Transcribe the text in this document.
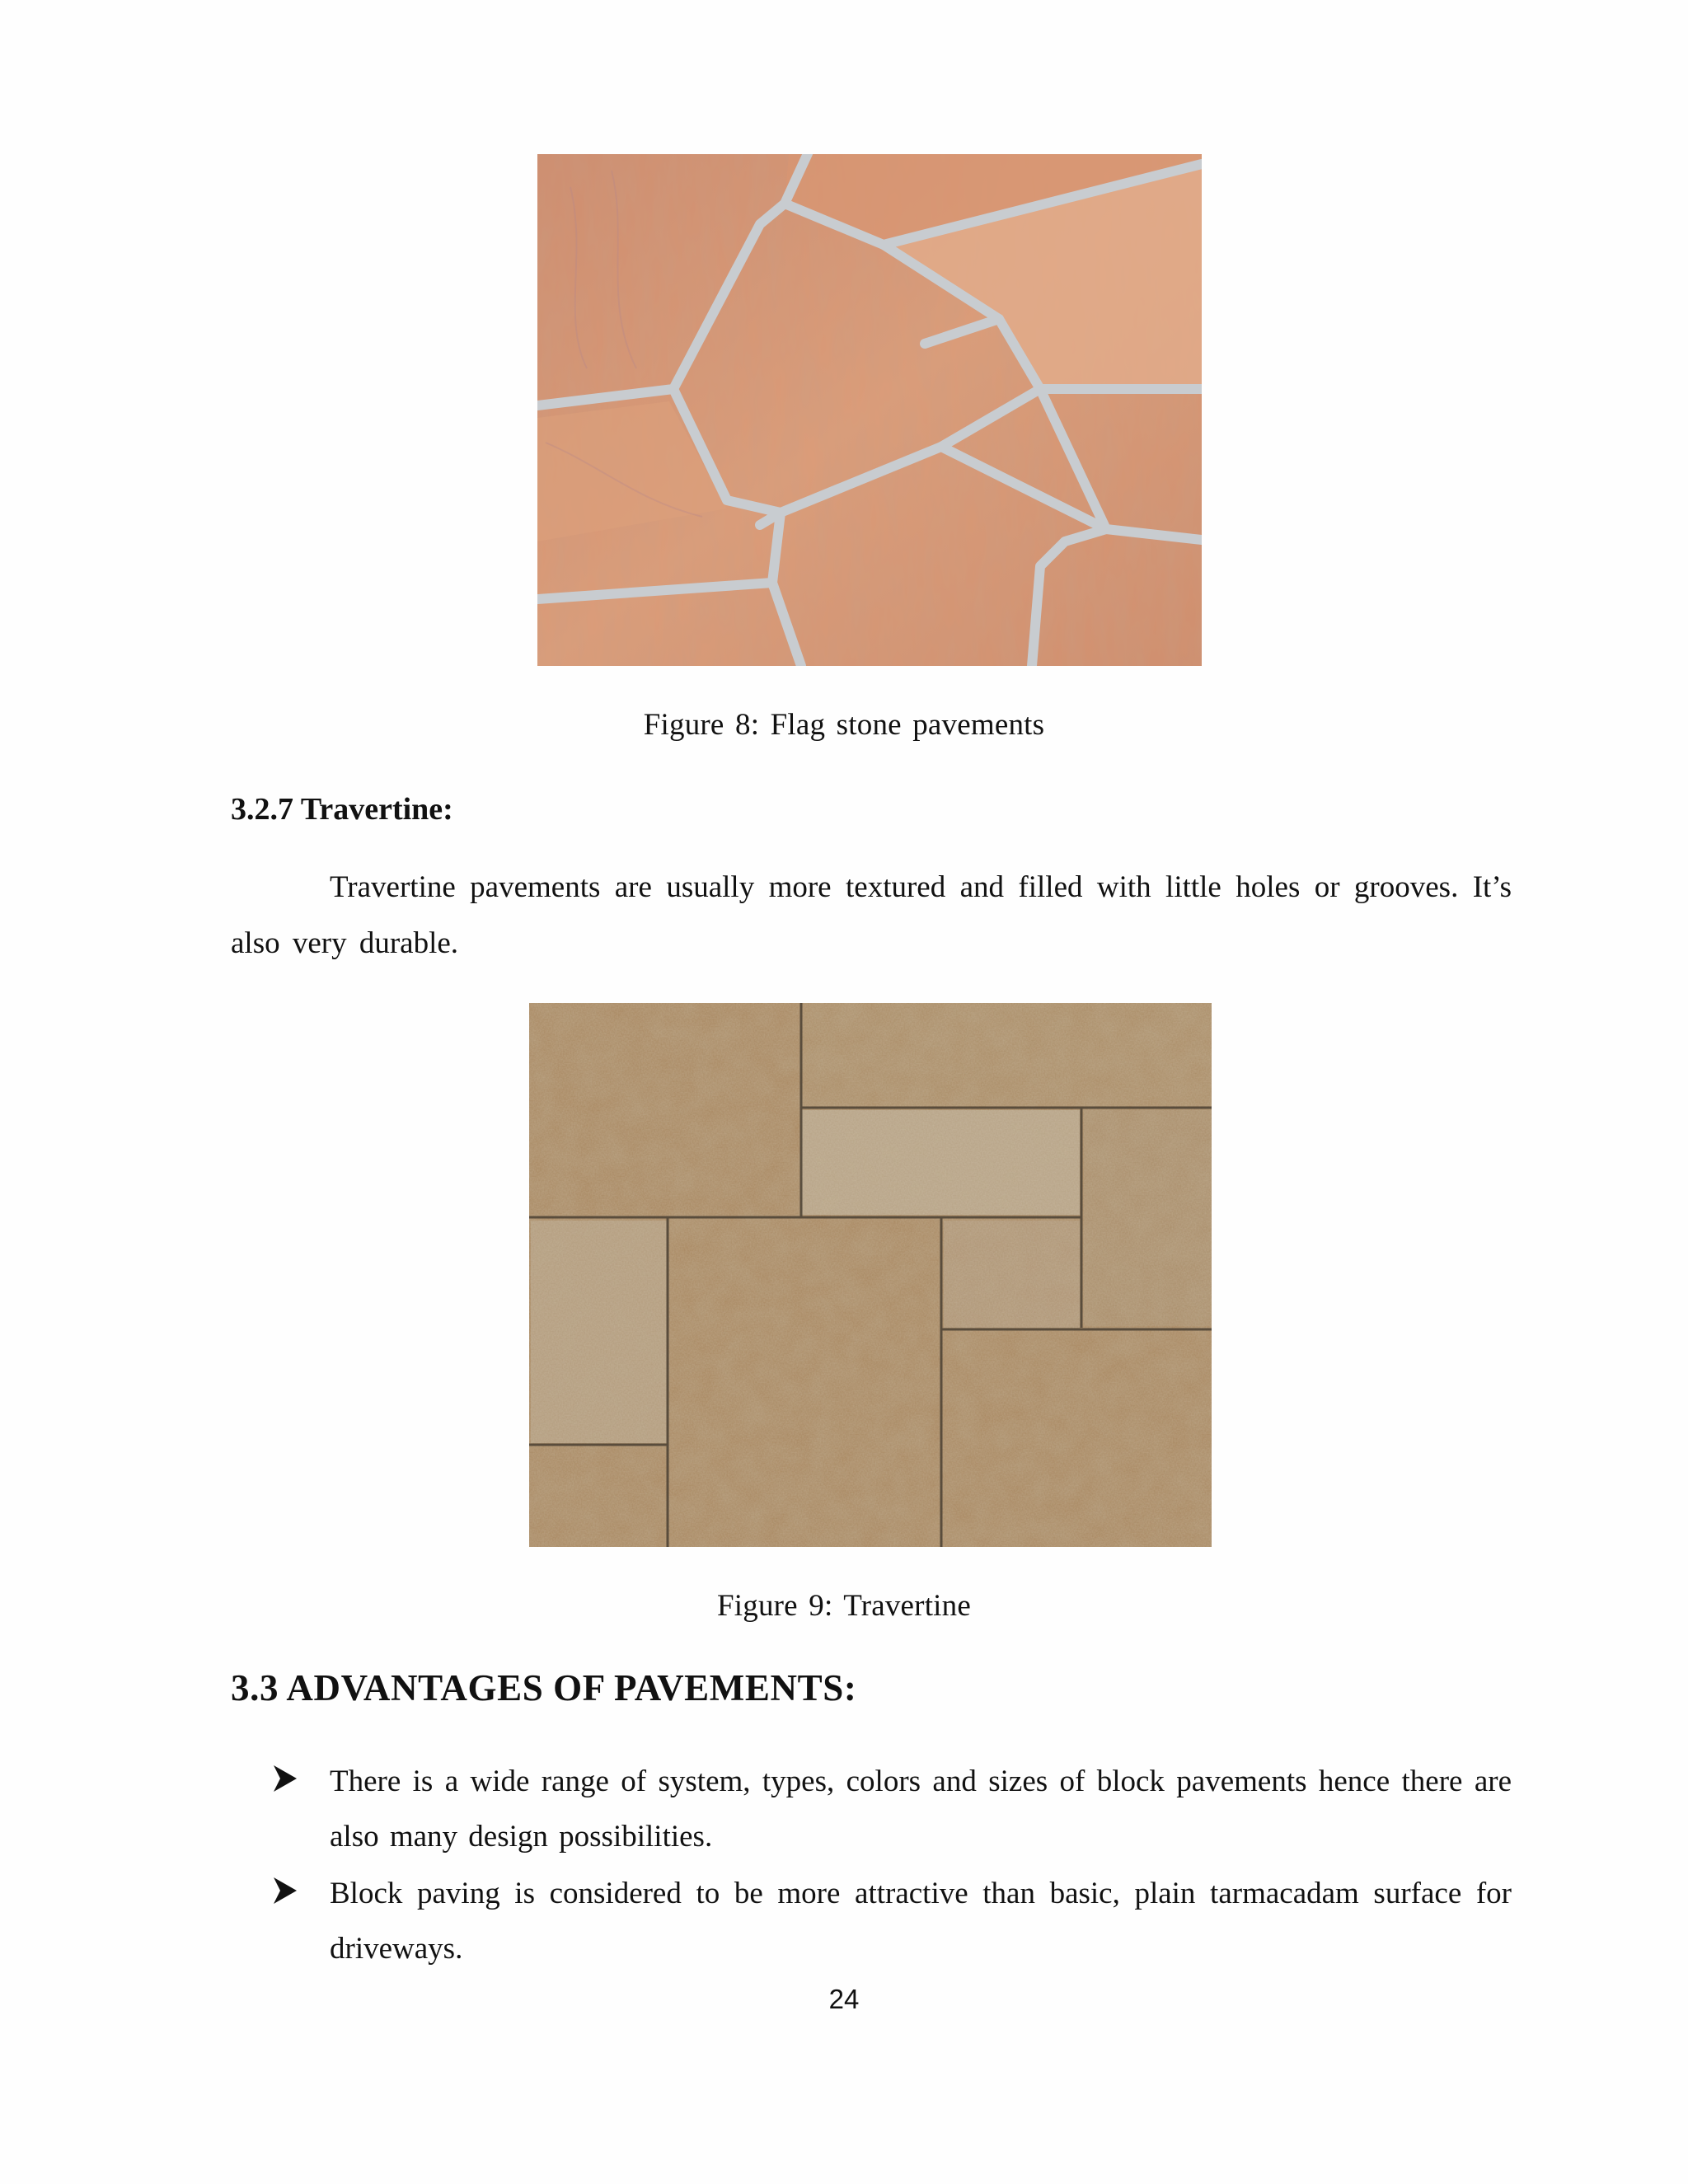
Figure 8: Flag stone pavements
3.2.7 Travertine:
Travertine pavements are usually more textured and filled with little holes or grooves. It’s
also very durable.
Figure 9: Travertine
3.3 ADVANTAGES OF PAVEMENTS:
There is a wide range of system, types, colors and sizes of block pavements hence there are also many design possibilities.
Block paving is considered to be more attractive than basic, plain tarmacadam surface for driveways.
24
